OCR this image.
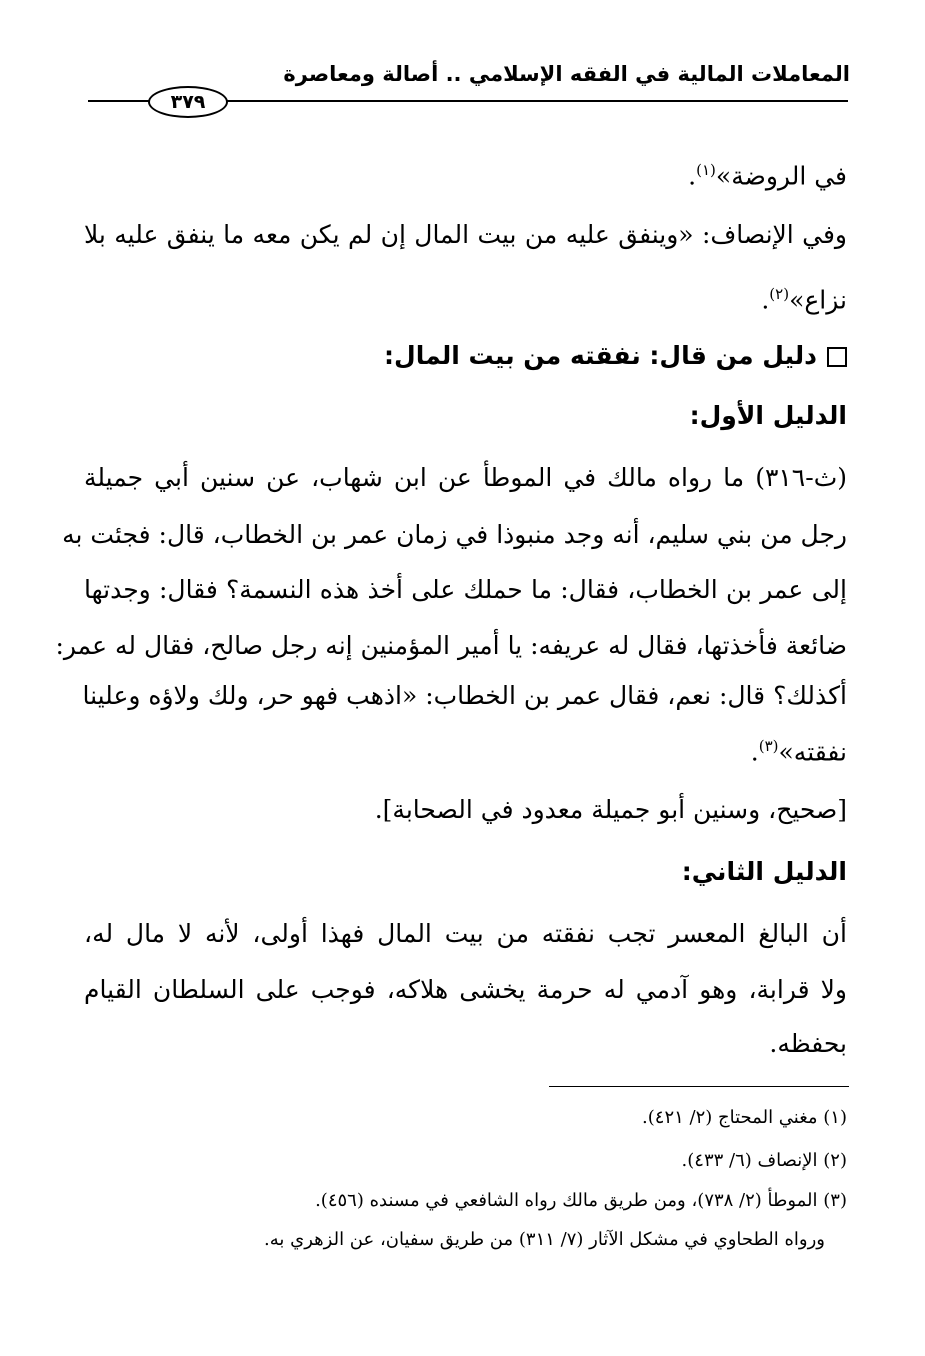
المعاملات المالية في الفقه الإسلامي .. أصالة ومعاصرة
٣٧٩
في الروضة»$^{(١)}$.
وفي الإنصاف: «وينفق عليه من بيت المال إن لم يكن معه ما ينفق عليه بلا
نزاع»$^{(٢)}$.
دليل من قال: نفقته من بيت المال:
الدليل الأول:
(ث-٣١٦) ما رواه مالك في الموطأ عن ابن شهاب، عن سنين أبي جميلة
رجل من بني سليم، أنه وجد منبوذا في زمان عمر بن الخطاب، قال: فجئت به
إلى عمر بن الخطاب، فقال: ما حملك على أخذ هذه النسمة؟ فقال: وجدتها
ضائعة فأخذتها، فقال له عريفه: يا أمير المؤمنين إنه رجل صالح، فقال له عمر:
أكذلك؟ قال: نعم، فقال عمر بن الخطاب: «اذهب فهو حر، ولك ولاؤه وعلينا
نفقته»$^{(٣)}$.
[صحيح، وسنين أبو جميلة معدود في الصحابة].
الدليل الثاني:
أن البالغ المعسر تجب نفقته من بيت المال فهذا أولى، لأنه لا مال له،
ولا قرابة، وهو آدمي له حرمة يخشى هلاكه، فوجب على السلطان القيام
بحفظه.
(١) مغني المحتاج (٢/ ٤٢١).
(٢) الإنصاف (٦/ ٤٣٣).
(٣) الموطأ (٢/ ٧٣٨)، ومن طريق مالك رواه الشافعي في مسنده (٤٥٦).
ورواه الطحاوي في مشكل الآثار (٧/ ٣١١) من طريق سفيان، عن الزهري به.
